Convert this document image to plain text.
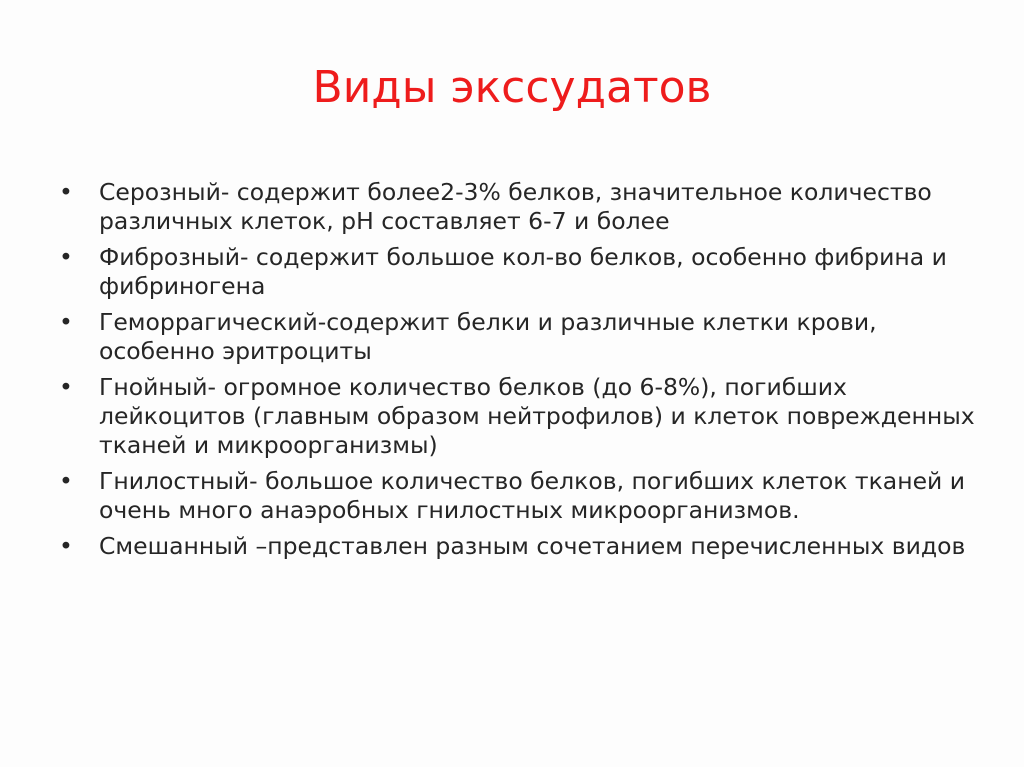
Виды экссудатов
• Серозный- содержит более2-3% белков, значительное количество различных клеток, рН составляет 6-7 и более
• Фиброзный- содержит большое кол-во белков, особенно фибрина и фибриногена
• Геморрагический-содержит белки и различные клетки крови, особенно эритроциты
• Гнойный- огромное количество белков (до 6-8%), погибших лейкоцитов (главным образом нейтрофилов) и клеток поврежденных тканей и микроорганизмы)
• Гнилостный- большое количество белков, погибших клеток тканей и очень много анаэробных гнилостных микроорганизмов.
• Смешанный –представлен разным сочетанием перечисленных видов
